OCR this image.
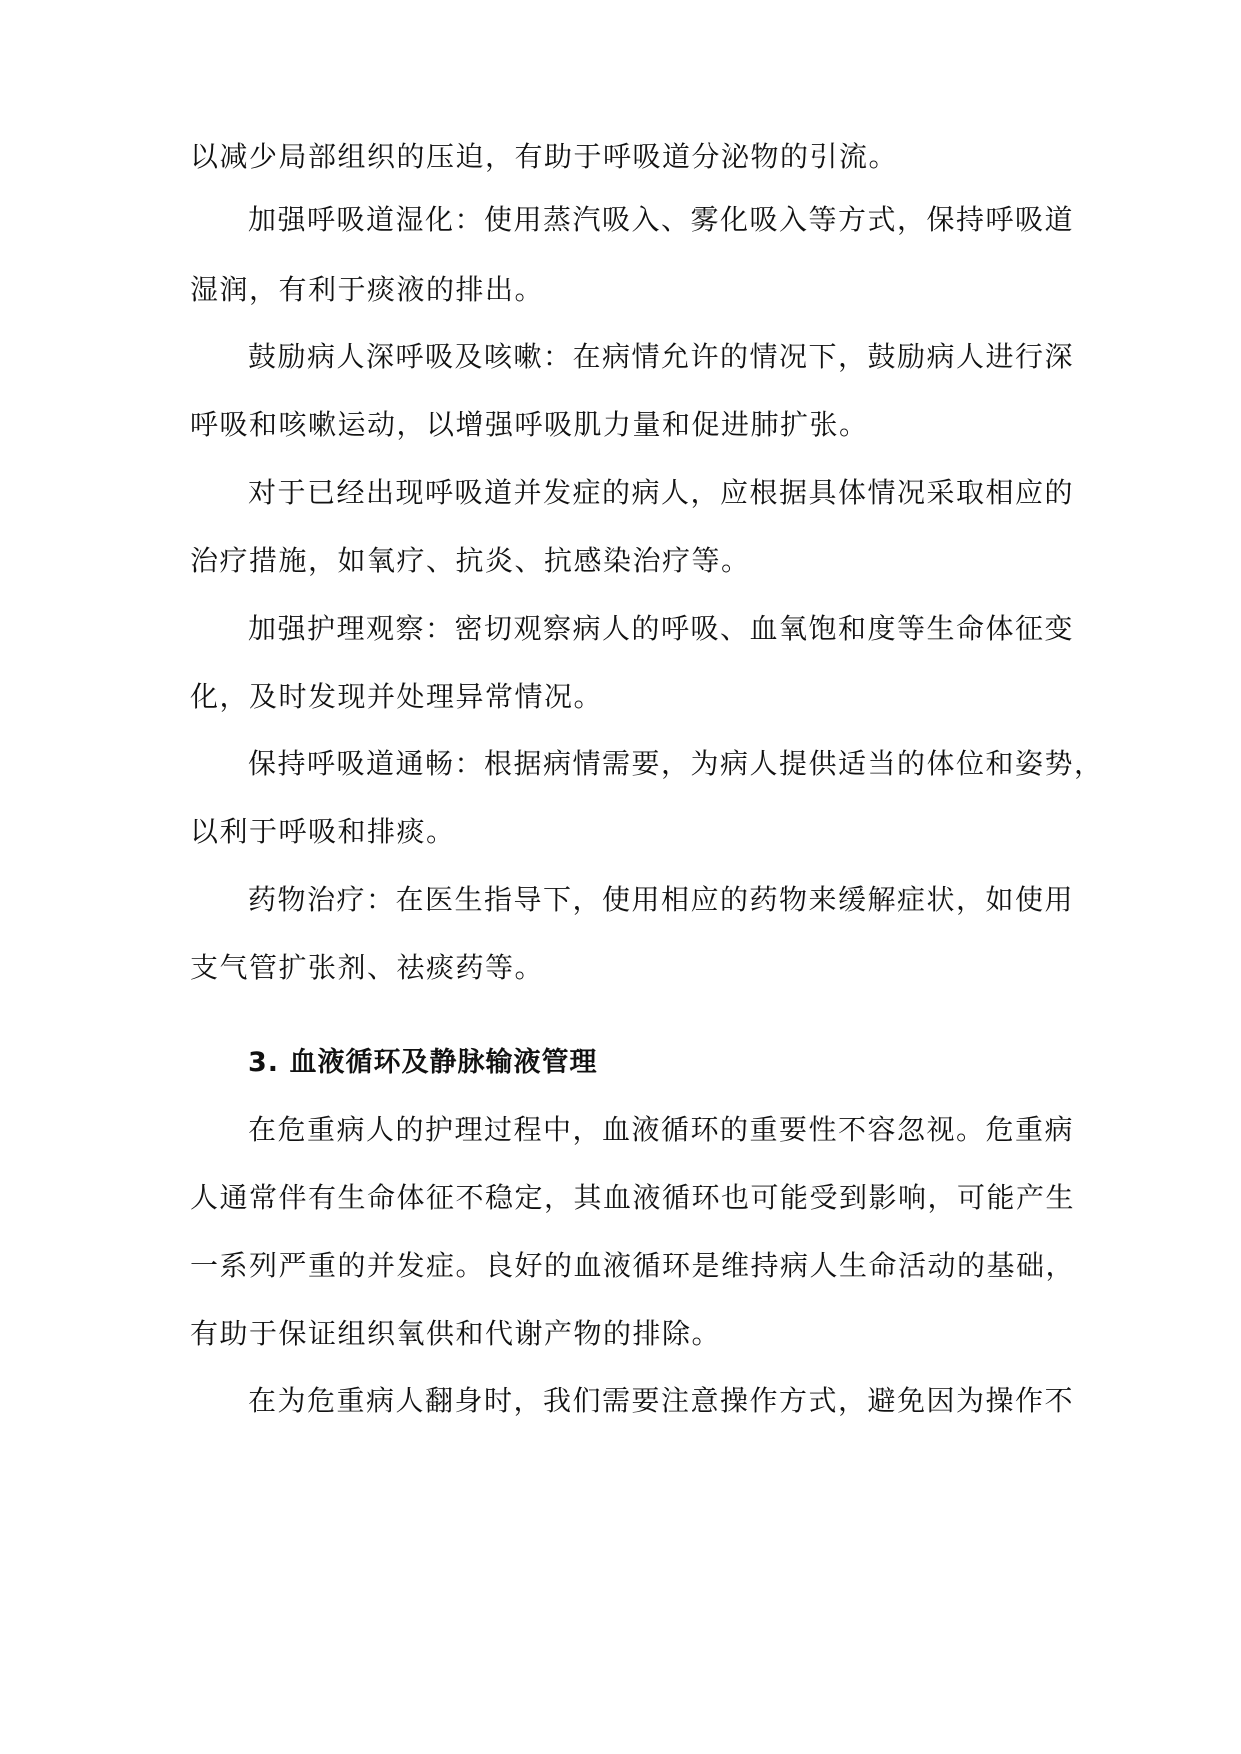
以减少局部组织的压迫，有助于呼吸道分泌物的引流。
加强呼吸道湿化：使用蒸汽吸入、雾化吸入等方式，保持呼吸道
湿润，有利于痰液的排出。
鼓励病人深呼吸及咳嗽：在病情允许的情况下，鼓励病人进行深
呼吸和咳嗽运动，以增强呼吸肌力量和促进肺扩张。
对于已经出现呼吸道并发症的病人，应根据具体情况采取相应的
治疗措施，如氧疗、抗炎、抗感染治疗等。
加强护理观察：密切观察病人的呼吸、血氧饱和度等生命体征变
化，及时发现并处理异常情况。
保持呼吸道通畅：根据病情需要，为病人提供适当的体位和姿势，
以利于呼吸和排痰。
药物治疗：在医生指导下，使用相应的药物来缓解症状，如使用
支气管扩张剂、祛痰药等。
3. 血液循环及静脉输液管理
在危重病人的护理过程中，血液循环的重要性不容忽视。危重病
人通常伴有生命体征不稳定，其血液循环也可能受到影响，可能产生
一系列严重的并发症。良好的血液循环是维持病人生命活动的基础，
有助于保证组织氧供和代谢产物的排除。
在为危重病人翻身时，我们需要注意操作方式，避免因为操作不
